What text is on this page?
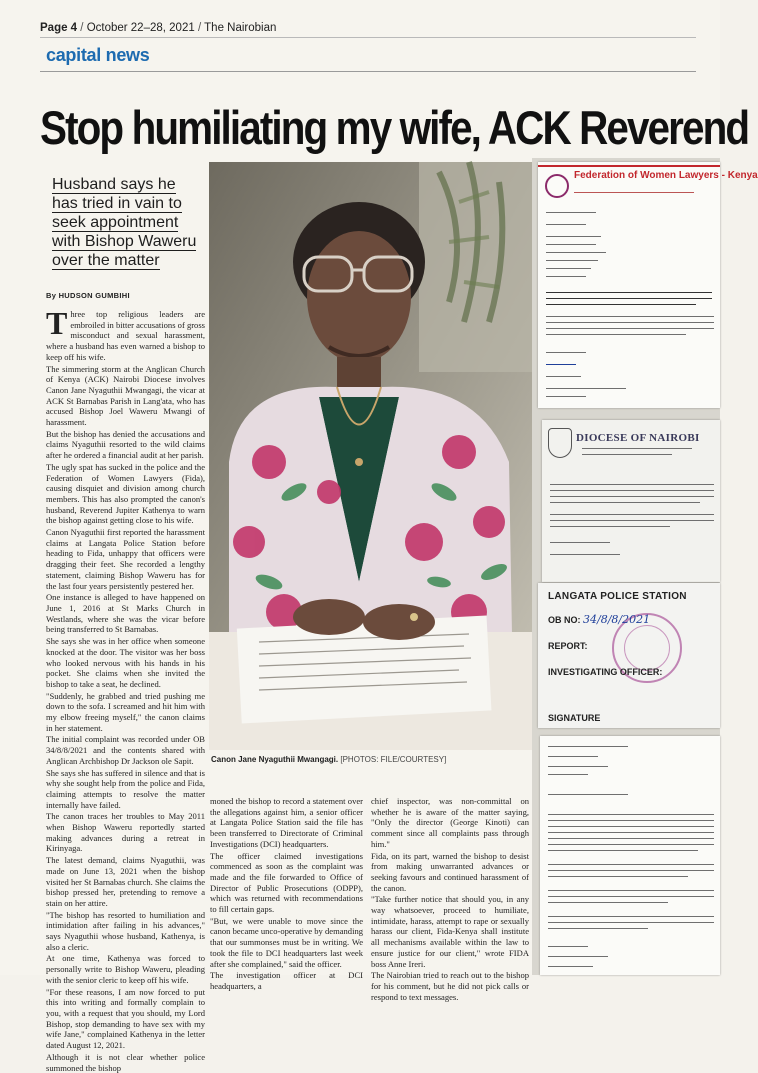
Page 4 / October 22–28, 2021 / The Nairobian
capital news
Stop humiliating my wife, ACK Reverend
Husband says he has tried in vain to seek appointment with Bishop Waweru over the matter
By HUDSON GUMBIHI

Three top religious leaders are embroiled in bitter accusations of gross misconduct and sexual harassment, where a husband has even warned a bishop to keep off his wife.

The simmering storm at the Anglican Church of Kenya (ACK) Nairobi Diocese involves Canon Jane Nyaguthii Mwangagi, the vicar at ACK St Barnabas Parish in Lang'ata, who has accused Bishop Joel Waweru Mwangi of harassment.

But the bishop has denied the accusations and claims Nyaguthii resorted to the wild claims after he ordered a financial audit at her parish.

The ugly spat has sucked in the police and the Federation of Women Lawyers (Fida), causing disquiet and division among church members. This has also prompted the canon's husband, Reverend Jupiter Kathenya to warn the bishop against getting close to his wife.

Canon Nyaguthii first reported the harassment claims at Langata Police Station before heading to Fida, unhappy that officers were dragging their feet. She recorded a lengthy statement, claiming Bishop Waweru has for the last four years persistently pestered her.

One instance is alleged to have happened on June 1, 2016 at St Marks Church in Westlands, where she was the vicar before being transferred to St Barnabas.

She says she was in her office when someone knocked at the door. The visitor was her boss who looked nervous with his hands in his pocket. She claims when she invited the bishop to take a seat, he declined.

"Suddenly, he grabbed and tried pushing me down to the sofa. I screamed and hit him with my elbow freeing myself," the canon claims in her statement.

The initial complaint was recorded under OB 34/8/8/2021 and the contents shared with Anglican Archbishop Dr Jackson ole Sapit.

She says she has suffered in silence and that is why she sought help from the police and Fida, claiming attempts to resolve the matter internally have failed.

The canon traces her troubles to May 2011 when Bishop Waweru reportedly started making advances during a retreat in Kirinyaga.

The latest demand, claims Nyaguthii, was made on June 13, 2021 when the bishop visited her St Barnabas church. She claims the bishop pressed her, pretending to remove a stain on her attire.

"The bishop has resorted to humiliation and intimidation after failing in his advances," says Nyaguthii whose husband, Kathenya, is also a cleric.

At one time, Kathenya was forced to personally write to Bishop Waweru, pleading with the senior cleric to keep off his wife.

"For these reasons, I am now forced to put this into writing and formally complain to you, with a request that you should, my Lord Bishop, stop demanding to have sex with my wife Jane," complained Kathenya in the letter dated August 12, 2021.

Although it is not clear whether police summoned the bishop

moned the bishop to record a statement over the allegations against him, a senior officer at Langata Police Station said the file has been transferred to Directorate of Criminal Investigations (DCI) headquarters.

The officer claimed investigations commenced as soon as the complaint was made and the file forwarded to Office of Director of Public Prosecutions (ODPP), which was returned with recommendations to fill certain gaps.

"But, we were unable to move since the canon became unco-operative by demanding that our summonses must be in writing. We took the file to DCI headquarters last week after she complained," said the officer.

The investigation officer at DCI headquarters, a

chief inspector, was non-committal on whether he is aware of the matter saying, "Only the director (George Kinoti) can comment since all complaints pass through him."

Fida, on its part, warned the bishop to desist from making unwarranted advances or seeking favours and continued harassment of the canon.

"Take further notice that should you, in any way whatsoever, proceed to humiliate, intimidate, harass, attempt to rape or sexually harass our client, Fida-Kenya shall institute all mechanisms available within the law to ensure justice for our client," wrote FIDA boss Anne Ireri.

The Nairobian tried to reach out to the bishop for his comment, but he did not pick calls or respond to text messages.

Canon Jane Nyaguthii Mwangagi. [PHOTOS: FILE/COURTESY]
Federation of Women Lawyers - Kenya
DIOCESE OF NAIROBI
LANGATA POLICE STATION
OB NO: 34/8/8/2021
REPORT:
INVESTIGATING OFFICER:
SIGNATURE
